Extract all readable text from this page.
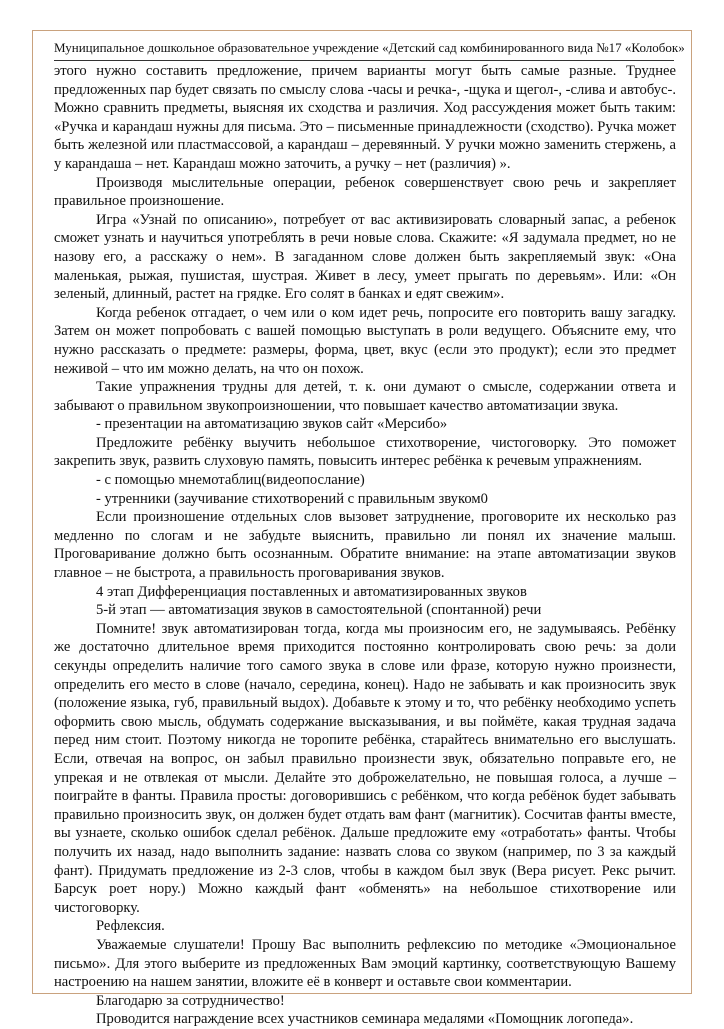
Муниципальное дошкольное образовательное учреждение «Детский сад комбинированного вида №17 «Колобок»

этого нужно составить предложение, причем варианты могут быть самые разные. Труднее предложенных пар будет связать по смыслу слова -часы и речка-, -щука и щегол-, -слива и автобус-. Можно сравнить предметы, выясняя их сходства и различия. Ход рассуждения может быть таким: «Ручка и карандаш нужны для письма. Это – письменные принадлежности (сходство). Ручка может быть железной или пластмассовой, а карандаш – деревянный. У ручки можно заменить стержень, а у карандаша – нет. Карандаш можно заточить, а ручку – нет (различия) ».

Производя мыслительные операции, ребенок совершенствует свою речь и закрепляет правильное произношение.

Игра «Узнай по описанию», потребует от вас активизировать словарный запас, а ребенок сможет узнать и научиться употреблять в речи новые слова. Скажите: «Я задумала предмет, но не назову его, а расскажу о нем». В загаданном слове должен быть закрепляемый звук: «Она маленькая, рыжая, пушистая, шустрая. Живет в лесу, умеет прыгать по деревьям». Или: «Он зеленый, длинный, растет на грядке. Его солят в банках и едят свежим».

Когда ребенок отгадает, о чем или о ком идет речь, попросите его повторить вашу загадку. Затем он может попробовать с вашей помощью выступать в роли ведущего. Объясните ему, что нужно рассказать о предмете: размеры, форма, цвет, вкус (если это продукт); если это предмет неживой – что им можно делать, на что он похож.

Такие упражнения трудны для детей, т. к. они думают о смысле, содержании ответа и забывают о правильном звукопроизношении, что повышает качество автоматизации звука.

- презентации на автоматизацию звуков сайт «Мерсибо»

Предложите ребёнку выучить небольшое стихотворение, чистоговорку. Это поможет закрепить звук, развить слуховую память, повысить интерес ребёнка к речевым упражнениям.

- с помощью мнемотаблиц(видеопослание)

- утренники (заучивание стихотворений с правильным звуком0

Если произношение отдельных слов вызовет затруднение, проговорите их несколько раз медленно по слогам и не забудьте выяснить, правильно ли понял их значение малыш. Проговаривание должно быть осознанным. Обратите внимание: на этапе автоматизации звуков главное – не быстрота, а правильность проговаривания звуков.

4 этап Дифференциация поставленных и автоматизированных звуков

5-й этап — автоматизация звуков в самостоятельной (спонтанной) речи

Помните! звук автоматизирован тогда, когда мы произносим его, не задумываясь. Ребёнку же достаточно длительное время приходится постоянно контролировать свою речь: за доли секунды определить наличие того самого звука в слове или фразе, которую нужно произнести, определить его место в слове (начало, середина, конец). Надо не забывать и как произносить звук (положение языка, губ, правильный выдох). Добавьте к этому и то, что ребёнку необходимо успеть оформить свою мысль, обдумать содержание высказывания, и вы поймёте, какая трудная задача перед ним стоит. Поэтому никогда не торопите ребёнка, старайтесь внимательно его выслушать. Если, отвечая на вопрос, он забыл правильно произнести звук, обязательно поправьте его, не упрекая и не отвлекая от мысли. Делайте это доброжелательно, не повышая голоса, а лучше – поиграйте в фанты. Правила просты: договорившись с ребёнком, что когда ребёнок будет забывать правильно произносить звук, он должен будет отдать вам фант (магнитик). Сосчитав фанты вместе, вы узнаете, сколько ошибок сделал ребёнок. Дальше предложите ему «отработать» фанты. Чтобы получить их назад, надо выполнить задание: назвать слова со звуком (например, по 3 за каждый фант). Придумать предложение из 2-3 слов, чтобы в каждом был звук (Вера рисует. Рекс рычит. Барсук роет нору.) Можно каждый фант «обменять» на небольшое стихотворение или чистоговорку.

Рефлексия.

Уважаемые слушатели! Прошу Вас выполнить рефлексию по методике «Эмоциональное письмо». Для этого выберите из предложенных Вам эмоций картинку, соответствующую Вашему настроению на нашем занятии, вложите её в конверт и оставьте свои комментарии.

Благодарю за сотрудничество!

Проводится награждение всех участников семинара медалями «Помощник логопеда».
